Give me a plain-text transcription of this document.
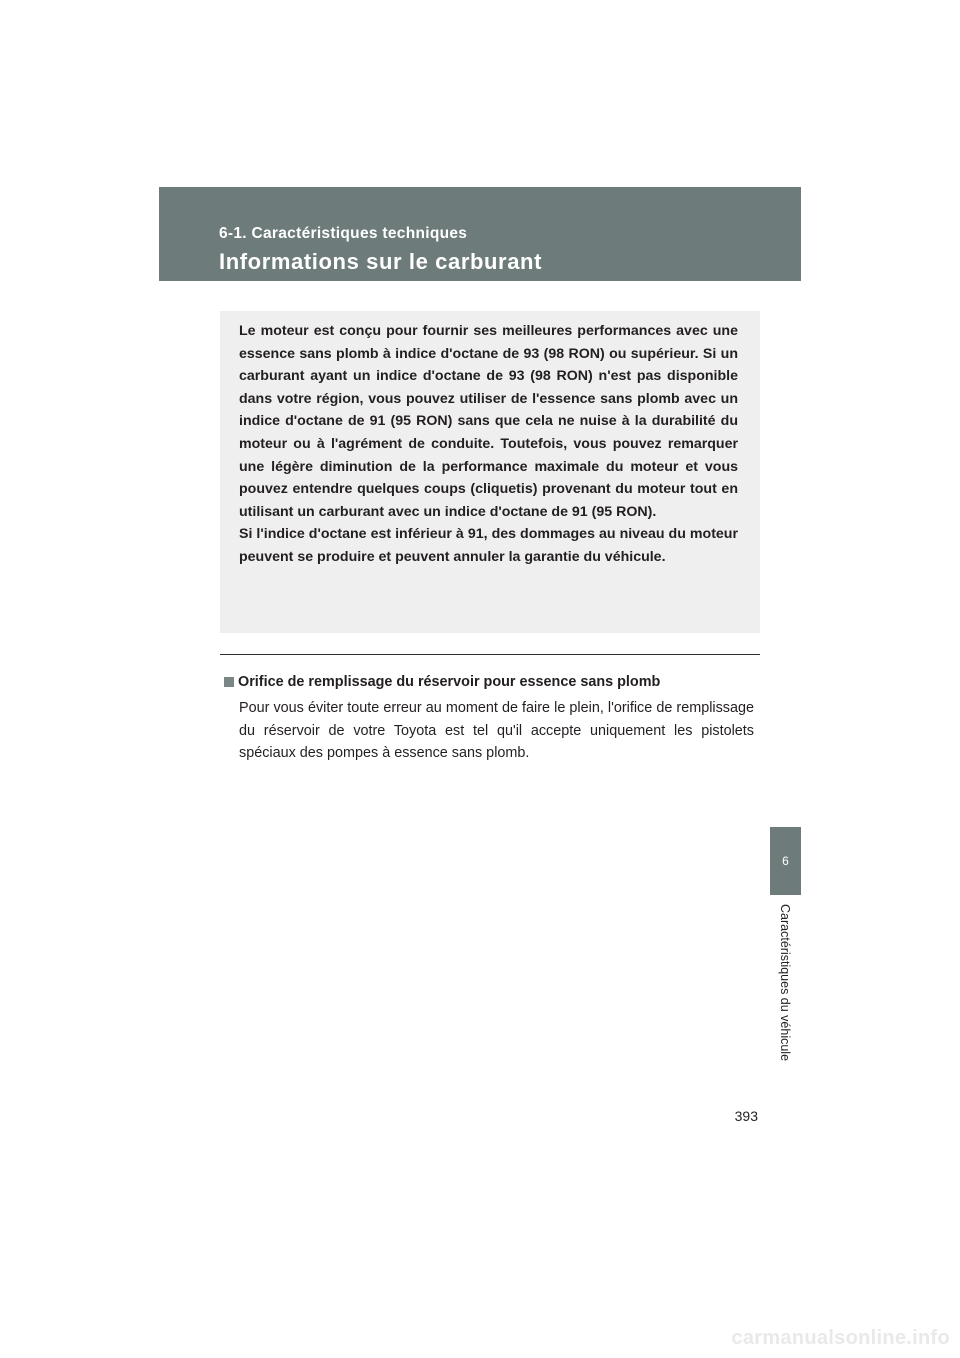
6-1. Caractéristiques techniques
Informations sur le carburant

Le moteur est conçu pour fournir ses meilleures performances avec une essence sans plomb à indice d'octane de 93 (98 RON) ou supérieur. Si un carburant ayant un indice d'octane de 93 (98 RON) n'est pas disponible dans votre région, vous pouvez utiliser de l'essence sans plomb avec un indice d'octane de 91 (95 RON) sans que cela ne nuise à la durabilité du moteur ou à l'agrément de conduite. Toutefois, vous pouvez remarquer une légère diminution de la performance maximale du moteur et vous pouvez entendre quelques coups (cliquetis) provenant du moteur tout en utilisant un carburant avec un indice d'octane de 91 (95 RON).

Si l'indice d'octane est inférieur à 91, des dommages au niveau du moteur peuvent se produire et peuvent annuler la garantie du véhicule.

Orifice de remplissage du réservoir pour essence sans plomb

Pour vous éviter toute erreur au moment de faire le plein, l'orifice de remplissage du réservoir de votre Toyota est tel qu'il accepte uniquement les pistolets spéciaux des pompes à essence sans plomb.

6
Caractéristiques du véhicule
393
carmanualsonline.info
